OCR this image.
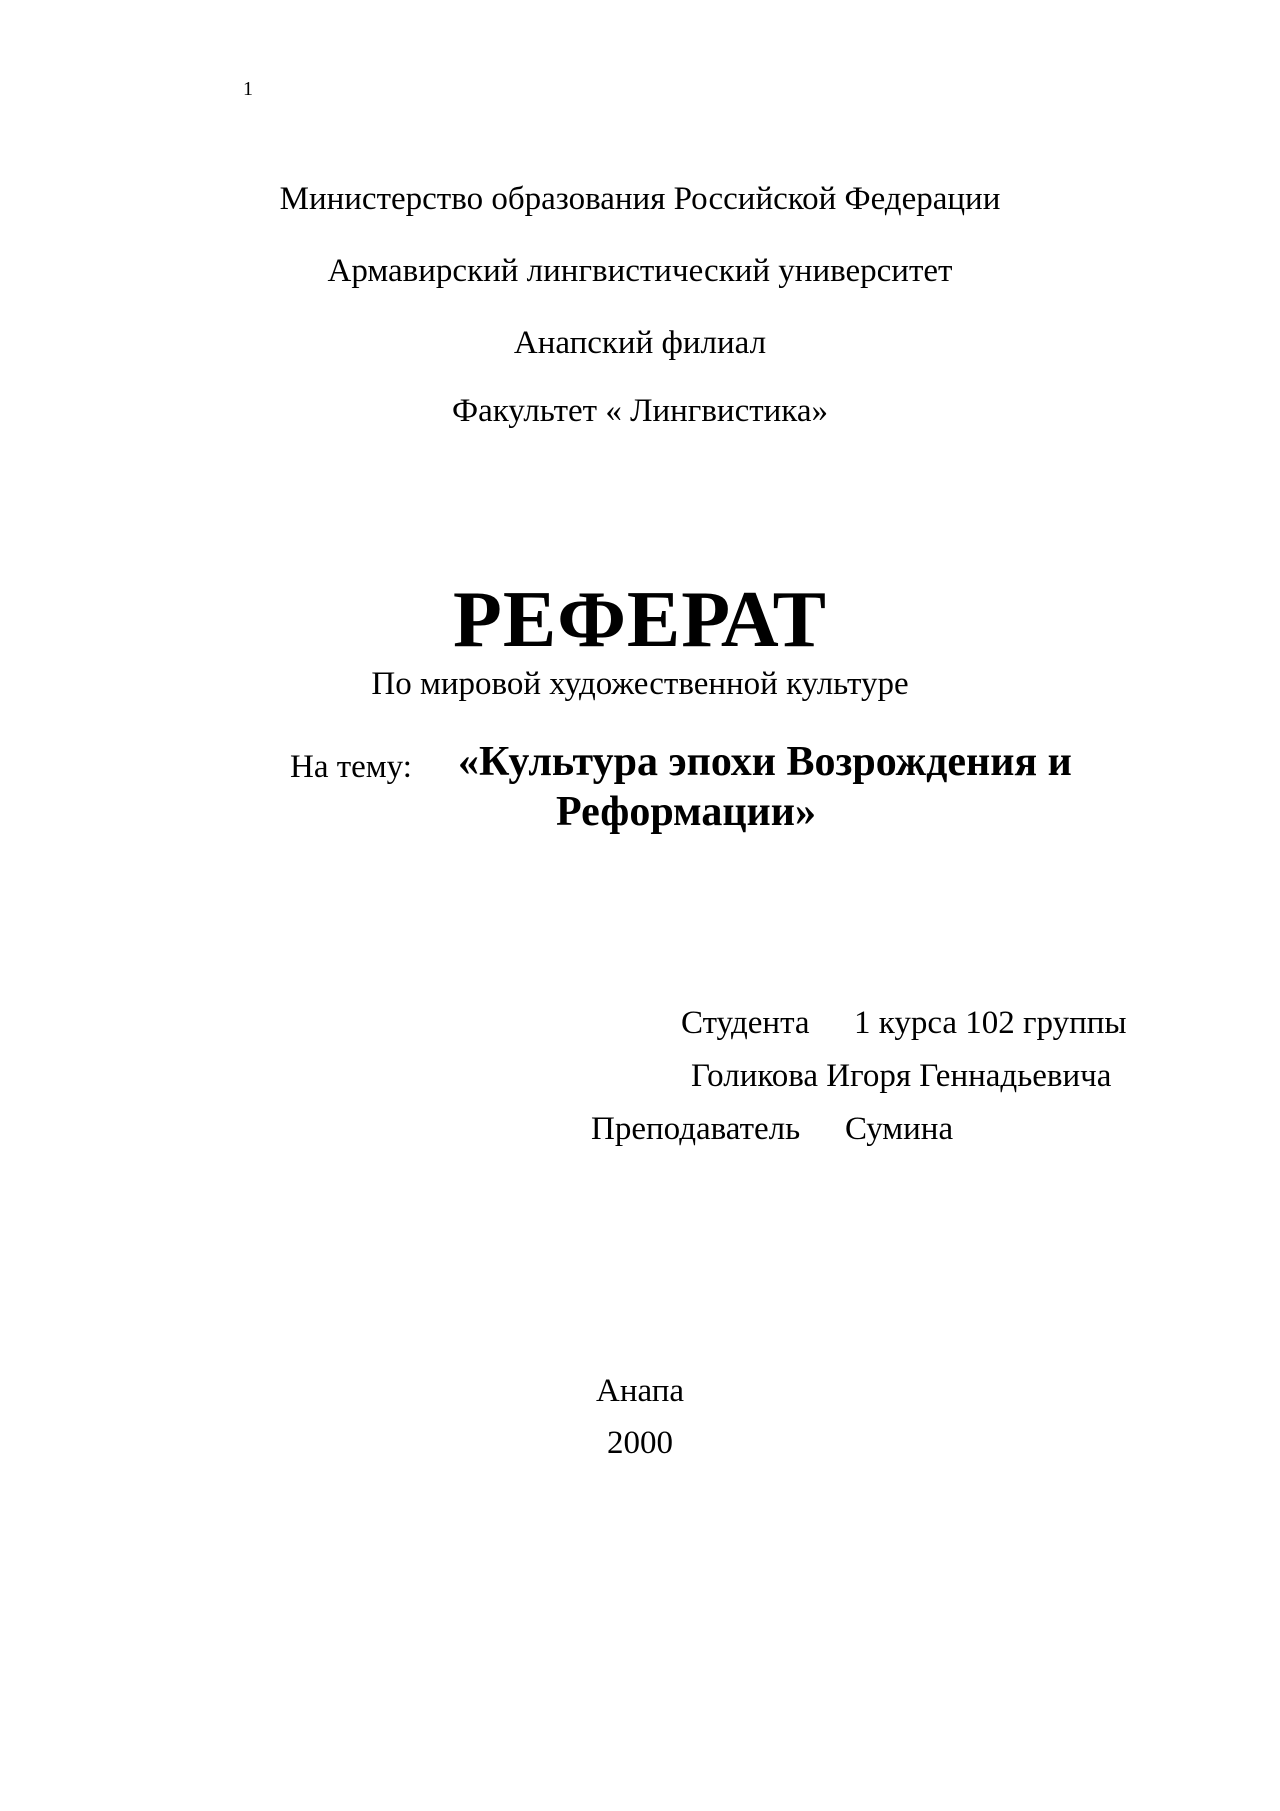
1
Министерство образования Российской Федерации
Армавирский лингвистический университет
Анапский филиал
Факультет « Лингвистика»
РЕФЕРАТ
По мировой художественной культуре
На тему: «Культура эпохи Возрождения и
Реформации»
Студента 1 курса 102 группы
Голикова Игоря Геннадьевича
Преподаватель Сумина
Анапа
2000
